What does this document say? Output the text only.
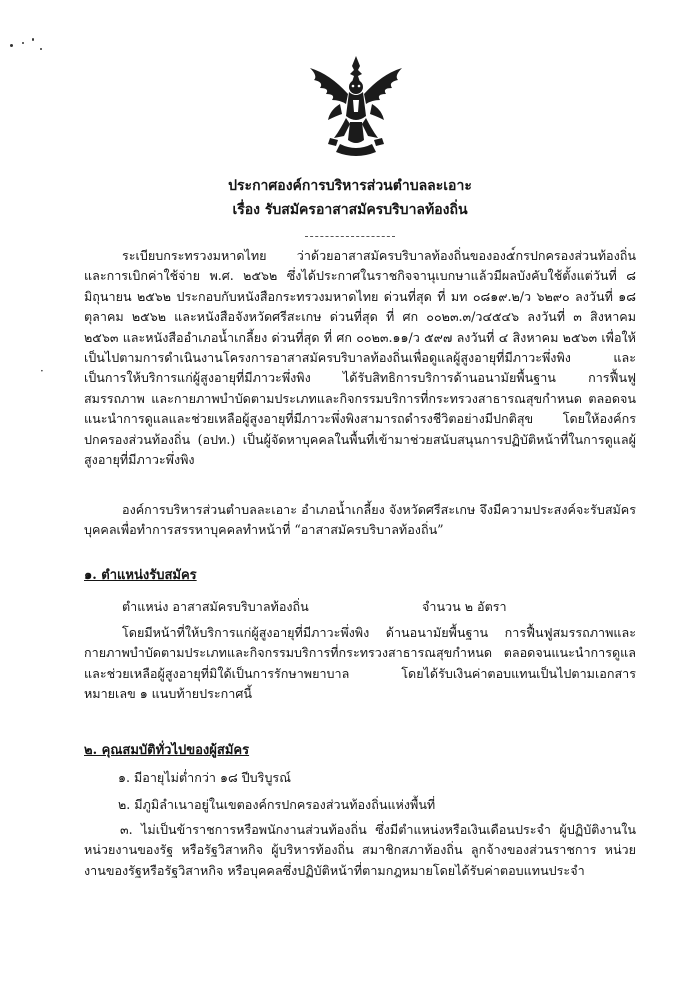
ประกาศองค์การบริหารส่วนตำบลละเอาะ
เรื่อง รับสมัครอาสาสมัครบริบาลท้องถิ่น
·
ระเบียบกระทรวงมหาดไทย ว่าด้วยอาสาสมัครบริบาลท้องถิ่นขององ๕์กรปกครองส่วนท้องถิ่น และการเบิกค่าใช้จ่าย พ.ศ. ๒๕๖๒ ซึ่งได้ประกาศในราชกิจจานุเบกษาแล้วมีผลบังคับใช้ตั้งแต่วันที่ ๘ มิถุนายน ๒๕๖๒ ประกอบกับหนังสือกระทรวงมหาดไทย ด่วนที่สุด ที่ มท ๐๘๑๙.๒/ว ๖๒๙๐ ลงวันที่ ๑๘ ตุลาคม ๒๕๖๒ และหนังสือจังหวัดศรีสะเกษ ด่วนที่สุด ที่ ศก ๐๐๒๓.๓/ว๔๕๔๖ ลงวันที่ ๓ สิงหาคม ๒๕๖๓ และหนังสืออำเภอน้ำเกลี้ยง ด่วนที่สุด ที่ ศก ๐๐๒๓.๑๑/ว ๕๙๗ ลงวันที่ ๔ สิงหาคม ๒๕๖๓ เพื่อให้เป็นไปตามการดำเนินงานโครงการอาสาสมัครบริบาลท้องถิ่นเพื่อดูแลผู้สูงอายุที่มีภาวะพึ่งพิง และเป็นการให้บริการแก่ผู้สูงอายุที่มีภาวะพึ่งพิง ได้รับสิทธิการบริการด้านอนามัยพื้นฐาน การฟื้นฟูสมรรถภาพ และกายภาพบำบัดตามประเภทและกิจกรรมบริการที่กระทรวงสาธารณสุขกำหนด ตลอดจนแนะนำการดูแลและช่วยเหลือผู้สูงอายุที่มีภาวะพึ่งพิงสามารถดำรงชีวิตอย่างมีปกติสุข โดยให้องค์กรปกครองส่วนท้องถิ่น (อปท.) เป็นผู้จัดหาบุคคลในพื้นที่เข้ามาช่วยสนับสนุนการปฏิบัติหน้าที่ในการดูแลผู้สูงอายุที่มีภาวะพึ่งพิง
องค์การบริหารส่วนตำบลละเอาะ อำเภอน้ำเกลี้ยง จังหวัดศรีสะเกษ จึงมีความประสงค์จะรับสมัครบุคคลเพื่อทำการสรรหาบุคคลทำหน้าที่ “อาสาสมัครบริบาลท้องถิ่น”
๑. ตำแหน่งรับสมัคร
ตำแหน่ง อาสาสมัครบริบาลท้องถิ่น	จำนวน ๒ อัตรา
โดยมีหน้าที่ให้บริการแก่ผู้สูงอายุที่มีภาวะพึ่งพิง ด้านอนามัยพื้นฐาน การฟื้นฟูสมรรถภาพและกายภาพบำบัดตามประเภทและกิจกรรมบริการที่กระทรวงสาธารณสุขกำหนด ตลอดจนแนะนำการดูแลและช่วยเหลือผู้สูงอายุที่มิใด้เป็นการรักษาพยาบาล โดยได้รับเงินค่าตอบแทนเป็นไปตามเอกสารหมายเลข ๑ แนบท้ายประกาศนี้
๒. คุณสมบัติทั่วไปของผู้สมัคร
๑. มีอายุไม่ต่ำกว่า ๑๘ ปีบริบูรณ์
๒. มีภูมิลำเนาอยู่ในเขตองค์กรปกครองส่วนท้องถิ่นแห่งพื้นที่
๓. ไม่เป็นข้าราชการหรือพนักงานส่วนท้องถิ่น ซึ่งมีตำแหน่งหรือเงินเดือนประจำ ผู้ปฏิบัติงานในหน่วยงานของรัฐ หรือรัฐวิสาหกิจ ผู้บริหารท้องถิ่น สมาชิกสภาท้องถิ่น ลูกจ้างของส่วนราชการ หน่วยงานของรัฐหรือรัฐวิสาหกิจ หรือบุคคลซึ่งปฏิบัติหน้าที่ตามกฎหมายโดยได้รับค่าตอบแทนประจำ
